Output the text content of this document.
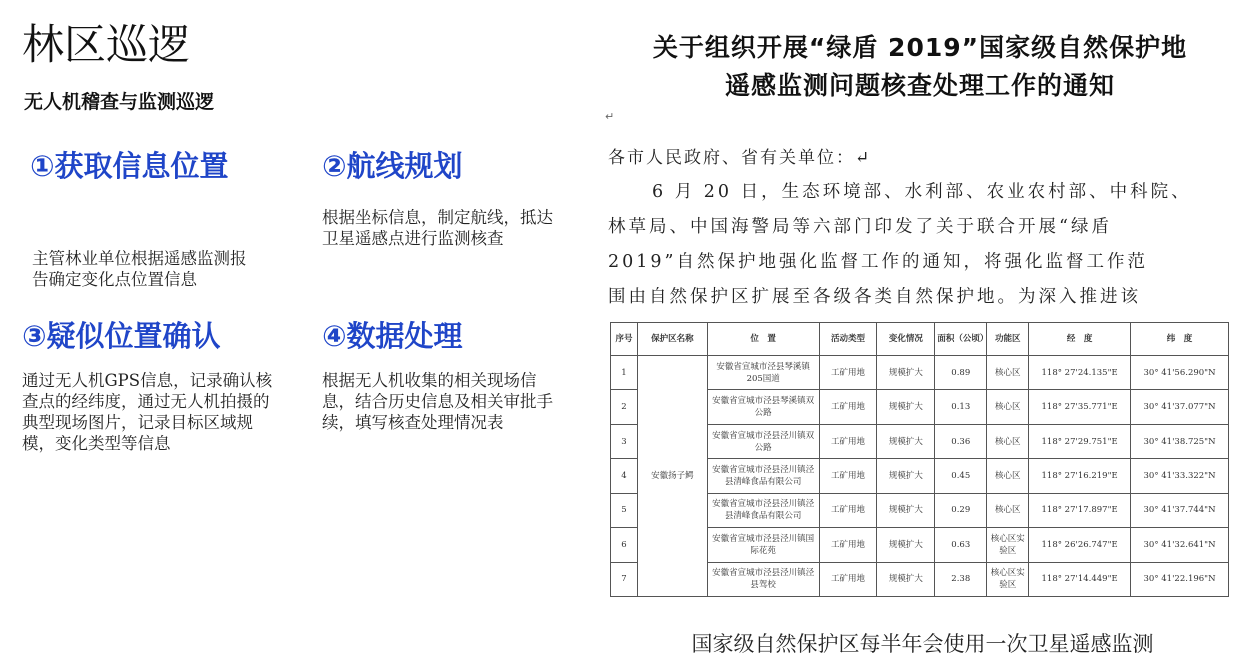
林区巡逻
无人机稽查与监测巡逻
①获取信息位置
主管林业单位根据遥感监测报告确定变化点位置信息
②航线规划
根据坐标信息，制定航线，抵达卫星遥感点进行监测核查
③疑似位置确认
通过无人机GPS信息，记录确认核查点的经纬度，通过无人机拍摄的典型现场图片，记录目标区域规模，变化类型等信息
④数据处理
根据无人机收集的相关现场信息，结合历史信息及相关审批手续，填写核查处理情况表
关于组织开展“绿盾 2019”国家级自然保护地
遥感监测问题核查处理工作的通知
↵
各市人民政府、省有关单位：↵
6 月 20 日，生态环境部、水利部、农业农村部、中科院、
林草局、中国海警局等六部门印发了关于联合开展“绿盾
2019”自然保护地强化监督工作的通知，将强化监督工作范
围由自然保护区扩展至各级各类自然保护地。为深入推进该
序号	保护区名称	位　置	活动类型	变化情况	面积（公顷）	功能区	经　度	纬　度
1	安徽扬子鳄	安徽省宣城市泾县琴溪镇205国道	工矿用地	规模扩大	0.89	核心区	118° 27'24.135"E	30° 41'56.290"N
2		安徽省宣城市泾县琴溪镇双公路	工矿用地	规模扩大	0.13	核心区	118° 27'35.771"E	30° 41'37.077"N
3		安徽省宣城市泾县泾川镇双公路	工矿用地	规模扩大	0.36	核心区	118° 27'29.751"E	30° 41'38.725"N
4		安徽省宣城市泾县泾川镇泾县清峰食品有限公司	工矿用地	规模扩大	0.45	核心区	118° 27'16.219"E	30° 41'33.322"N
5		安徽省宣城市泾县泾川镇泾县清峰食品有限公司	工矿用地	规模扩大	0.29	核心区	118° 27'17.897"E	30° 41'37.744"N
6		安徽省宣城市泾县泾川镇国际花苑	工矿用地	规模扩大	0.63	核心区实验区	118° 26'26.747"E	30° 41'32.641"N
7		安徽省宣城市泾县泾川镇泾县驾校	工矿用地	规模扩大	2.38	核心区实验区	118° 27'14.449"E	30° 41'22.196"N
国家级自然保护区每半年会使用一次卫星遥感监测
